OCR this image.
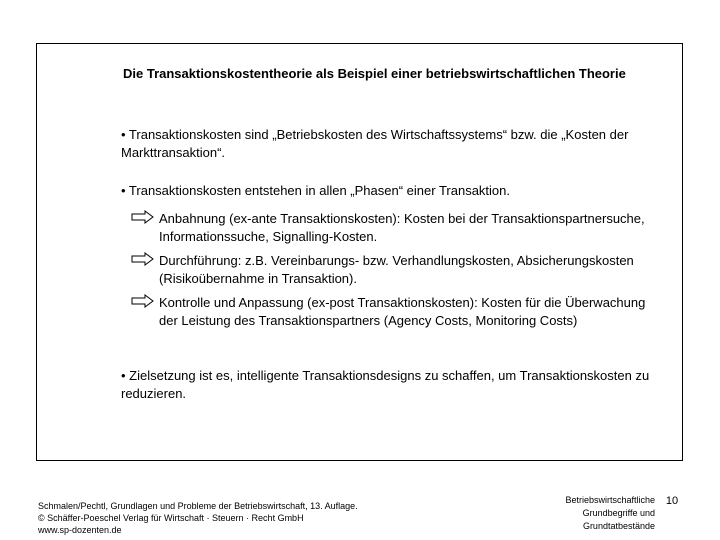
Die Transaktionskostentheorie als Beispiel einer betriebswirtschaftlichen Theorie
• Transaktionskosten sind „Betriebskosten des Wirtschaftssystems“ bzw. die „Kosten der Markttransaktion“.
• Transaktionskosten entstehen in allen „Phasen“ einer Transaktion.
Anbahnung (ex-ante Transaktionskosten): Kosten bei der Transaktionspartnersuche, Informationssuche, Signalling-Kosten.
Durchführung: z.B. Vereinbarungs- bzw. Verhandlungskosten, Absicherungskosten (Risikoübernahme in Transaktion).
Kontrolle und Anpassung (ex-post Transaktionskosten): Kosten für die Überwachung der Leistung des Transaktionspartners (Agency Costs, Monitoring Costs)
• Zielsetzung ist es, intelligente Transaktionsdesigns zu schaffen, um Transaktionskosten zu reduzieren.
Schmalen/Pechtl, Grundlagen und Probleme der Betriebswirtschaft, 13. Auflage.
© Schäffer-Poeschel Verlag für Wirtschaft · Steuern · Recht GmbH
www.sp-dozenten.de
Betriebswirtschaftliche
Grundbegriffe und
Grundtatbestände
10
